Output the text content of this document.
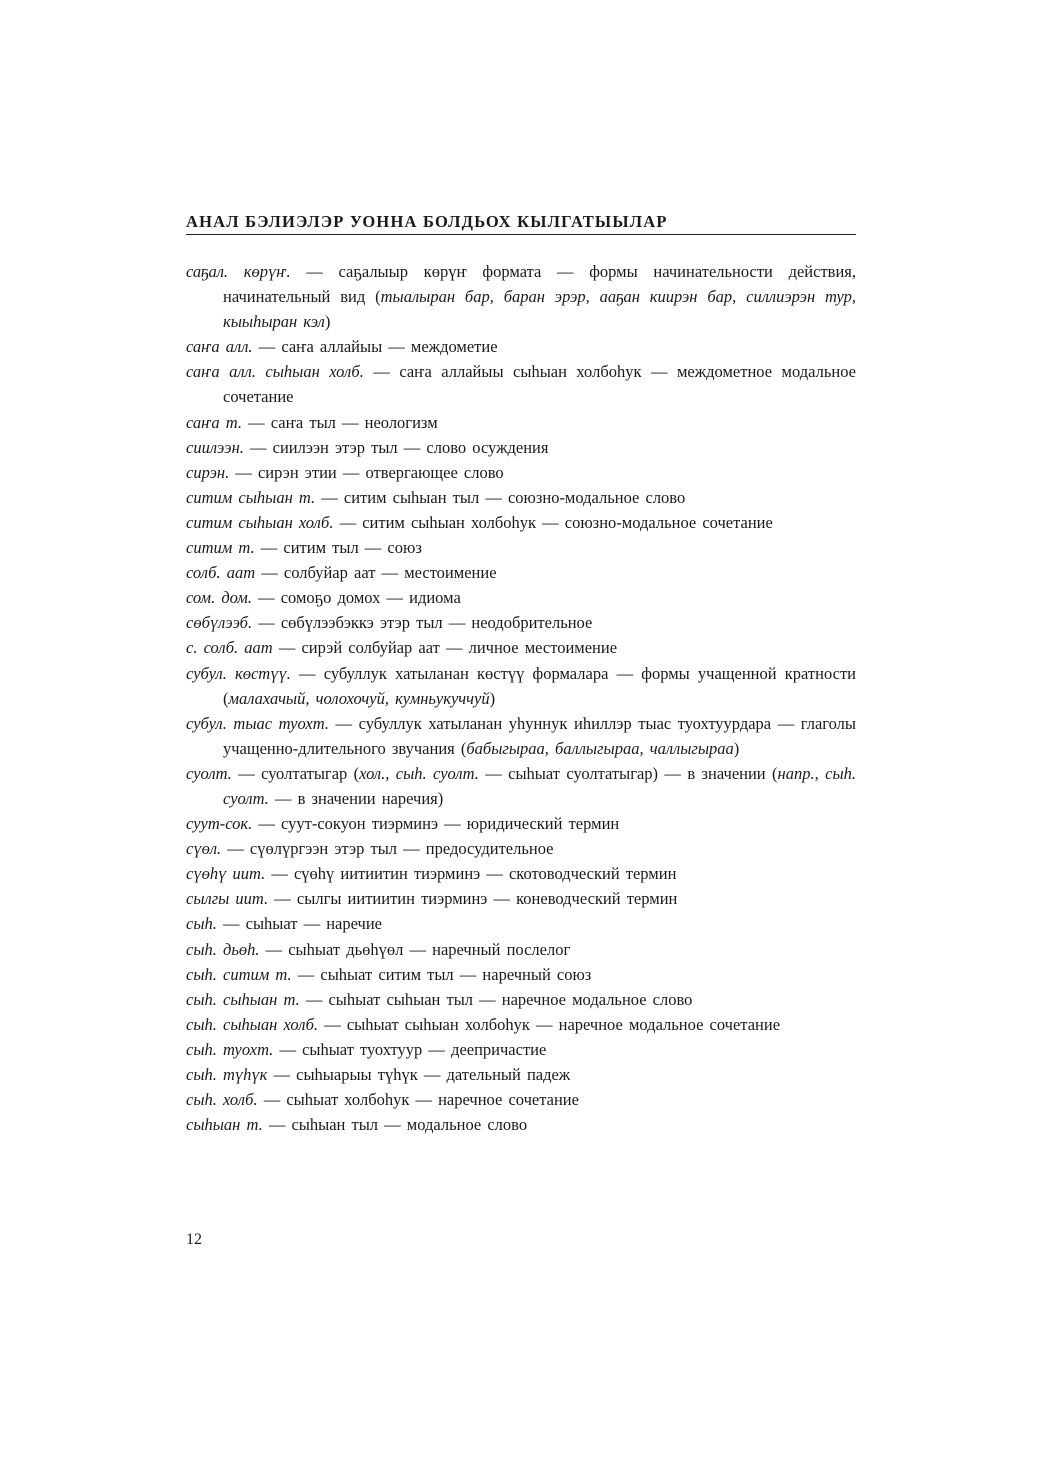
АНАЛ БЭЛИЭЛЭР УОННА БОЛДЬОХ КЫЛГАТЫЫЛАР
саҕал. көрүҥ. — саҕалыыр көрүҥ формата — формы начинательности действия, начинательный вид (тыалыран бар, баран эрэр, ааҕан киирэн бар, силлиэрэн тур, кыыһыран кэл)
саҥа алл. — саҥа аллайыы — междометие
саҥа алл. сыһыан холб. — саҥа аллайыы сыһыан холбоһук — междометное модальное сочетание
саҥа т. — саҥа тыл — неологизм
сиилээн. — сиилээн этэр тыл — слово осуждения
сирэн. — сирэн этии — отвергающее слово
ситим сыһыан т. — ситим сыһыан тыл — союзно-модальное слово
ситим сыһыан холб. — ситим сыһыан холбоһук — союзно-модальное сочетание
ситим т. — ситим тыл — союз
солб. аат — солбуйар аат — местоимение
сом. дом. — сомоҕо домох — идиома
сөбүлээб. — сөбүлээбэккэ этэр тыл — неодобрительное
с. солб. аат — сирэй солбуйар аат — личное местоимение
субул. көстүү. — субуллук хатыланан көстүү формалара — формы учащенной кратности (малахачый, чолохочуй, кумньукуччуй)
субул. тыас туохт. — субуллук хатыланан уһуннук иһиллэр тыас туохтуурдара — глаголы учащенно-длительного звучания (бабыгыраа, баллыгыраа, чаллыгыраа)
суолт. — суолтатыгар (хол., сыһ. суолт. — сыһыат суолтатыгар) — в значении (напр., сыһ. суолт. — в значении наречия)
суут-сок. — суут-сокуон тиэрминэ — юридический термин
сүөл. — сүөлүргээн этэр тыл — предосудительное
сүөһү иит. — сүөһү иитиитин тиэрминэ — скотоводческий термин
сылгы иит. — сылгы иитиитин тиэрминэ — коневодческий термин
сыһ. — сыһыат — наречие
сыһ. дьөһ. — сыһыат дьөһүөл — наречный послелог
сыһ. ситим т. — сыһыат ситим тыл — наречный союз
сыһ. сыһыан т. — сыһыат сыһыан тыл — наречное модальное слово
сыһ. сыһыан холб. — сыһыат сыһыан холбоһук — наречное модальное сочетание
сыһ. туохт. — сыһыат туохтуур — деепричастие
сыһ. түһүк — сыһыарыы түһүк — дательный падеж
сыһ. холб. — сыһыат холбоһук — наречное сочетание
сыһыан т. — сыһыан тыл — модальное слово
12
